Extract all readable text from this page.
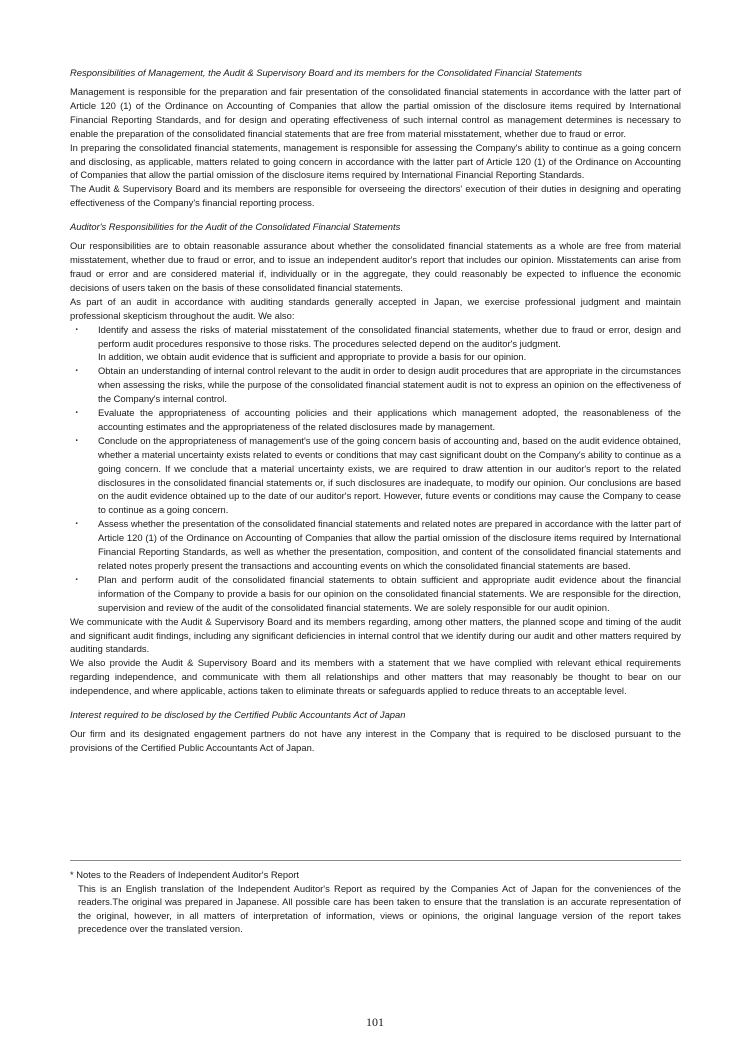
Responsibilities of Management, the Audit & Supervisory Board and its members for the Consolidated Financial Statements

Management is responsible for the preparation and fair presentation of the consolidated financial statements in accordance with the latter part of Article 120 (1) of the Ordinance on Accounting of Companies that allow the partial omission of the disclosure items required by International Financial Reporting Standards, and for design and operating effectiveness of such internal control as management determines is necessary to enable the preparation of the consolidated financial statements that are free from material misstatement, whether due to fraud or error.

In preparing the consolidated financial statements, management is responsible for assessing the Company's ability to continue as a going concern and disclosing, as applicable, matters related to going concern in accordance with the latter part of Article 120 (1) of the Ordinance on Accounting of Companies that allow the partial omission of the disclosure items required by International Financial Reporting Standards.

The Audit & Supervisory Board and its members are responsible for overseeing the directors' execution of their duties in designing and operating effectiveness of the Company's financial reporting process.

Auditor's Responsibilities for the Audit of the Consolidated Financial Statements

Our responsibilities are to obtain reasonable assurance about whether the consolidated financial statements as a whole are free from material misstatement, whether due to fraud or error, and to issue an independent auditor's report that includes our opinion. Misstatements can arise from fraud or error and are considered material if, individually or in the aggregate, they could reasonably be expected to influence the economic decisions of users taken on the basis of these consolidated financial statements.

As part of an audit in accordance with auditing standards generally accepted in Japan, we exercise professional judgment and maintain professional skepticism throughout the audit. We also:

・ Identify and assess the risks of material misstatement of the consolidated financial statements, whether due to fraud or error, design and perform audit procedures responsive to those risks. The procedures selected depend on the auditor's judgment.
In addition, we obtain audit evidence that is sufficient and appropriate to provide a basis for our opinion.
・ Obtain an understanding of internal control relevant to the audit in order to design audit procedures that are appropriate in the circumstances when assessing the risks, while the purpose of the consolidated financial statement audit is not to express an opinion on the effectiveness of the Company's internal control.
・ Evaluate the appropriateness of accounting policies and their applications which management adopted, the reasonableness of the accounting estimates and the appropriateness of the related disclosures made by management.
・ Conclude on the appropriateness of management's use of the going concern basis of accounting and, based on the audit evidence obtained, whether a material uncertainty exists related to events or conditions that may cast significant doubt on the Company's ability to continue as a going concern. If we conclude that a material uncertainty exists, we are required to draw attention in our auditor's report to the related disclosures in the consolidated financial statements or, if such disclosures are inadequate, to modify our opinion. Our conclusions are based on the audit evidence obtained up to the date of our auditor's report. However, future events or conditions may cause the Company to cease to continue as a going concern.
・ Assess whether the presentation of the consolidated financial statements and related notes are prepared in accordance with the latter part of Article 120 (1) of the Ordinance on Accounting of Companies that allow the partial omission of the disclosure items required by International Financial Reporting Standards, as well as whether the presentation, composition, and content of the consolidated financial statements and related notes properly present the transactions and accounting events on which the consolidated financial statements are based.
・ Plan and perform audit of the consolidated financial statements to obtain sufficient and appropriate audit evidence about the financial information of the Company to provide a basis for our opinion on the consolidated financial statements. We are responsible for the direction, supervision and review of the audit of the consolidated financial statements. We are solely responsible for our audit opinion.

We communicate with the Audit & Supervisory Board and its members regarding, among other matters, the planned scope and timing of the audit and significant audit findings, including any significant deficiencies in internal control that we identify during our audit and other matters required by auditing standards.

We also provide the Audit & Supervisory Board and its members with a statement that we have complied with relevant ethical requirements regarding independence, and communicate with them all relationships and other matters that may reasonably be thought to bear on our independence, and where applicable, actions taken to eliminate threats or safeguards applied to reduce threats to an acceptable level.

Interest required to be disclosed by the Certified Public Accountants Act of Japan

Our firm and its designated engagement partners do not have any interest in the Company that is required to be disclosed pursuant to the provisions of the Certified Public Accountants Act of Japan.

* Notes to the Readers of Independent Auditor's Report
This is an English translation of the Independent Auditor's Report as required by the Companies Act of Japan for the conveniences of the readers.The original was prepared in Japanese. All possible care has been taken to ensure that the translation is an accurate representation of the original, however, in all matters of interpretation of information, views or opinions, the original language version of the report takes precedence over the translated version.
101
